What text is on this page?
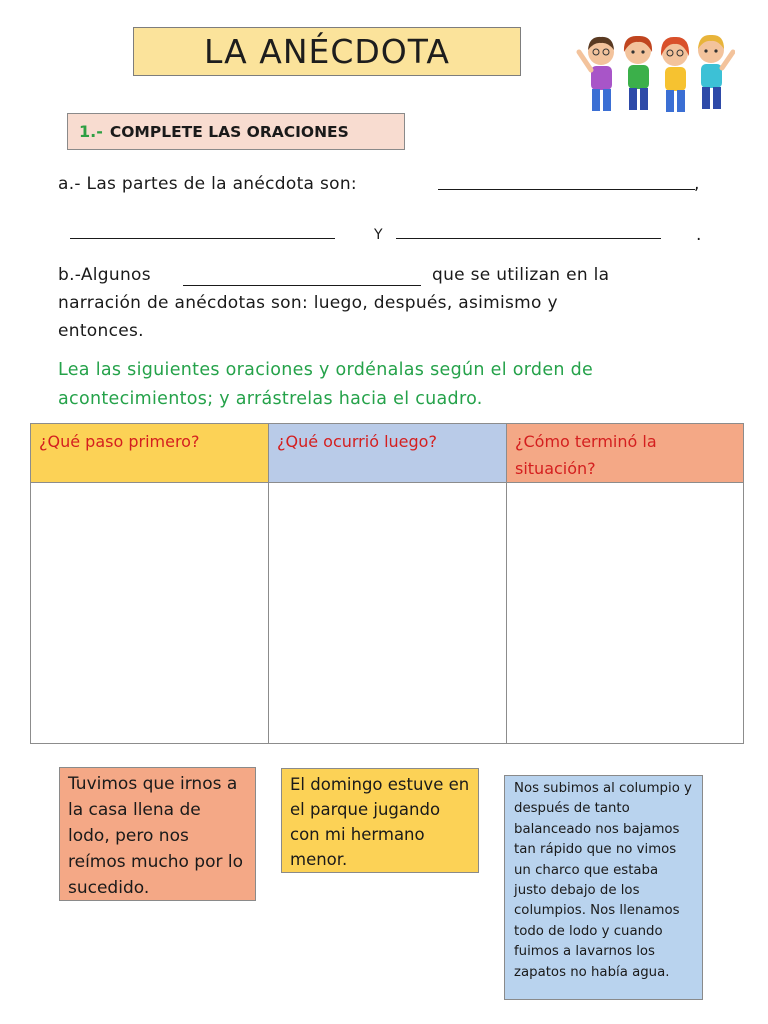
LA ANÉCDOTA
1.- COMPLETE LAS ORACIONES
a.- Las partes de la anécdota son:	,
Y	.
b.-Algunos	que se utilizan en la
narración de anécdotas son: luego, después, asimismo y
entonces.
Lea las siguientes oraciones y ordénalas según el orden de acontecimientos; y arrástrelas hacia el cuadro.
¿Qué paso primero?	¿Qué ocurrió luego?	¿Cómo terminó la situación?
Tuvimos que irnos a la casa llena de lodo, pero nos reímos mucho por lo sucedido.
El domingo estuve en el parque jugando con mi hermano menor.
Nos subimos al columpio y después de tanto balanceado nos bajamos tan rápido que no vimos un charco que estaba justo debajo de los columpios. Nos llenamos todo de lodo y cuando fuimos a lavarnos los zapatos no había agua.
